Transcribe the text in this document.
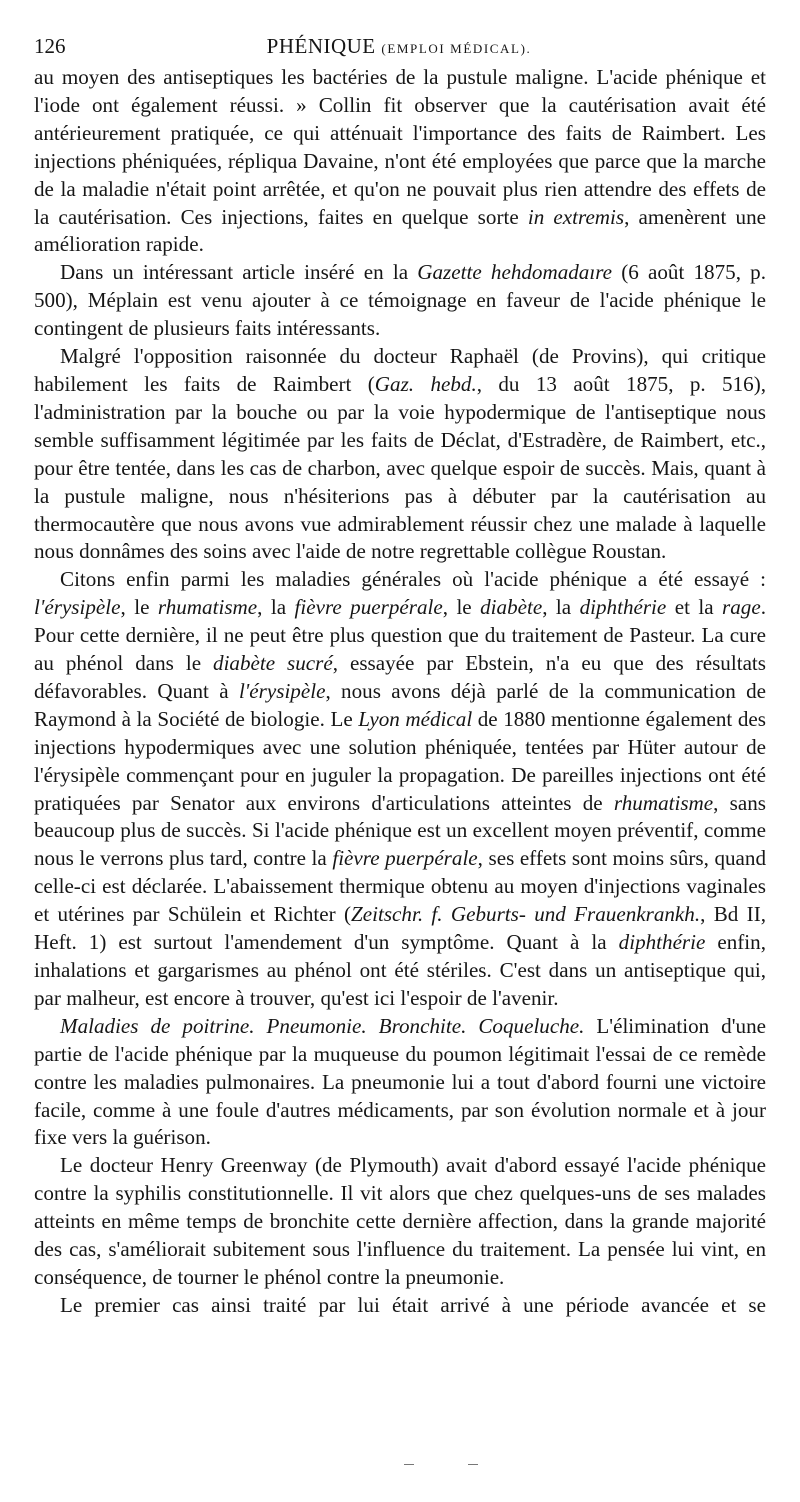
126	PHÉNIQUE (EMPLOI MÉDICAL).

au moyen des antiseptiques les bactéries de la pustule maligne. L'acide phénique et l'iode ont également réussi. » Collin fit observer que la cautérisation avait été antérieurement pratiquée, ce qui atténuait l'importance des faits de Raimbert. Les injections phéniquées, répliqua Davaine, n'ont été employées que parce que la marche de la maladie n'était point arrêtée, et qu'on ne pouvait plus rien attendre des effets de la cautérisation. Ces injections, faites en quelque sorte in extremis, amenèrent une amélioration rapide.

Dans un intéressant article inséré en la Gazette hehdomadaıre (6 août 1875, p. 500), Méplain est venu ajouter à ce témoignage en faveur de l'acide phénique le contingent de plusieurs faits intéressants.

Malgré l'opposition raisonnée du docteur Raphaël (de Provins), qui critique habilement les faits de Raimbert (Gaz. hebd., du 13 août 1875, p. 516), l'administration par la bouche ou par la voie hypodermique de l'antiseptique nous semble suffisamment légitimée par les faits de Déclat, d'Estradère, de Raimbert, etc., pour être tentée, dans les cas de charbon, avec quelque espoir de succès. Mais, quant à la pustule maligne, nous n'hésiterions pas à débuter par la cautérisation au thermocautère que nous avons vue admirablement réussir chez une malade à laquelle nous donnâmes des soins avec l'aide de notre regrettable collègue Roustan.

Citons enfin parmi les maladies générales où l'acide phénique a été essayé : l'érysipèle, le rhumatisme, la fièvre puerpérale, le diabète, la diphthérie et la rage. Pour cette dernière, il ne peut être plus question que du traitement de Pasteur. La cure au phénol dans le diabète sucré, essayée par Ebstein, n'a eu que des résultats défavorables. Quant à l'érysipèle, nous avons déjà parlé de la communication de Raymond à la Société de biologie. Le Lyon médical de 1880 mentionne également des injections hypodermiques avec une solution phéniquée, tentées par Hüter autour de l'érysipèle commençant pour en juguler la propagation. De pareilles injections ont été pratiquées par Senator aux environs d'articulations atteintes de rhumatisme, sans beaucoup plus de succès. Si l'acide phénique est un excellent moyen préventif, comme nous le verrons plus tard, contre la fièvre puerpérale, ses effets sont moins sûrs, quand celle-ci est déclarée. L'abaissement thermique obtenu au moyen d'injections vaginales et utérines par Schülein et Richter (Zeitschr. f. Geburts- und Frauenkrankh., Bd II, Heft. 1) est surtout l'amendement d'un symptôme. Quant à la diphthérie enfin, inhalations et gargarismes au phénol ont été stériles. C'est dans un antiseptique qui, par malheur, est encore à trouver, qu'est ici l'espoir de l'avenir.

Maladies de poitrine. Pneumonie. Bronchite. Coqueluche. L'élimination d'une partie de l'acide phénique par la muqueuse du poumon légitimait l'essai de ce remède contre les maladies pulmonaires. La pneumonie lui a tout d'abord fourni une victoire facile, comme à une foule d'autres médicaments, par son évolution normale et à jour fixe vers la guérison.

Le docteur Henry Greenway (de Plymouth) avait d'abord essayé l'acide phénique contre la syphilis constitutionnelle. Il vit alors que chez quelques-uns de ses malades atteints en même temps de bronchite cette dernière affection, dans la grande majorité des cas, s'améliorait subitement sous l'influence du traitement. La pensée lui vint, en conséquence, de tourner le phénol contre la pneumonie.

Le premier cas ainsi traité par lui était arrivé à une période avancée et se
